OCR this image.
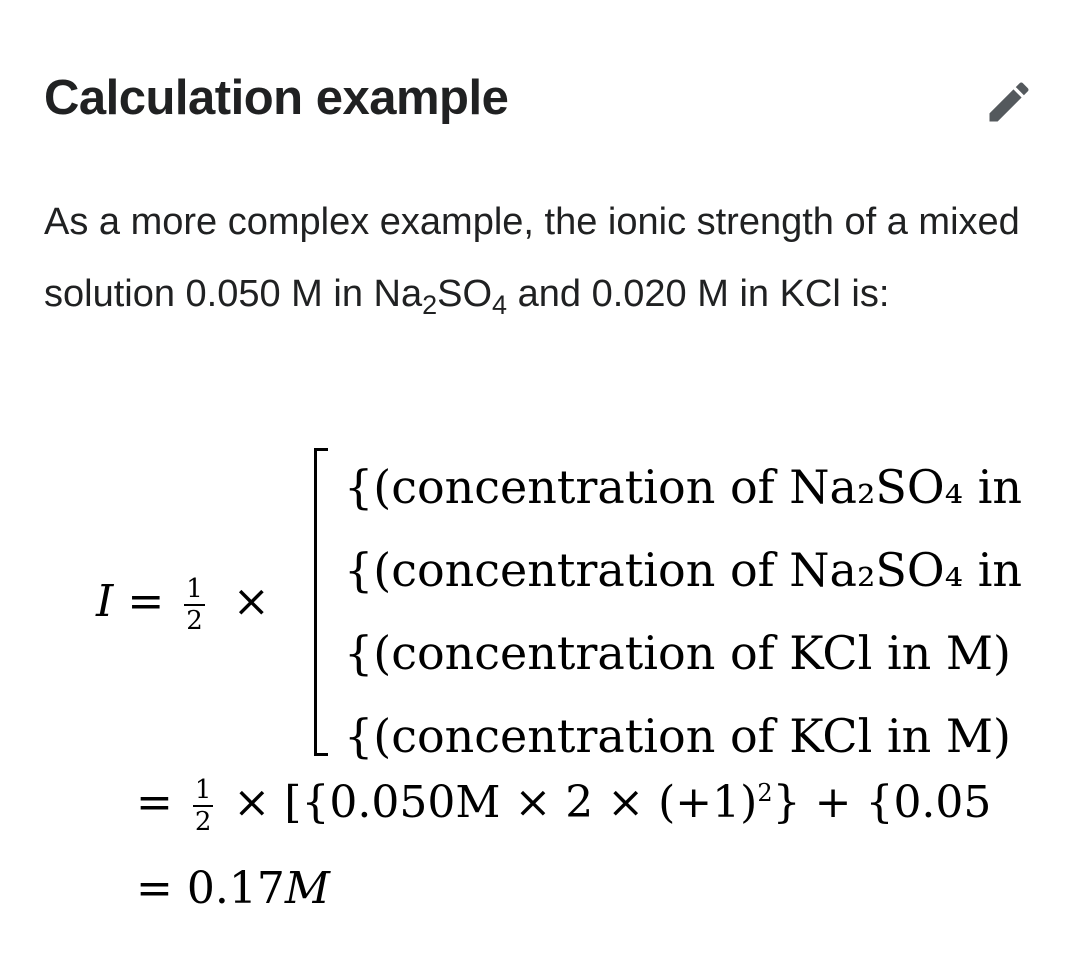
Calculation example

As a more complex example, the ionic strength of a mixed solution 0.050 M in $Na_2SO_4$ and 0.020 M in KCl is:

$I = \frac{1}{2}$ ×
{(concentration of Na₂SO₄ in
{(concentration of Na₂SO₄ in
{(concentration of KCl in M)
{(concentration of KCl in M)
= $\frac{1}{2} \times [\{0.050M \times 2 \times (+1)^2\} + \{0.05$
= 0.17M
